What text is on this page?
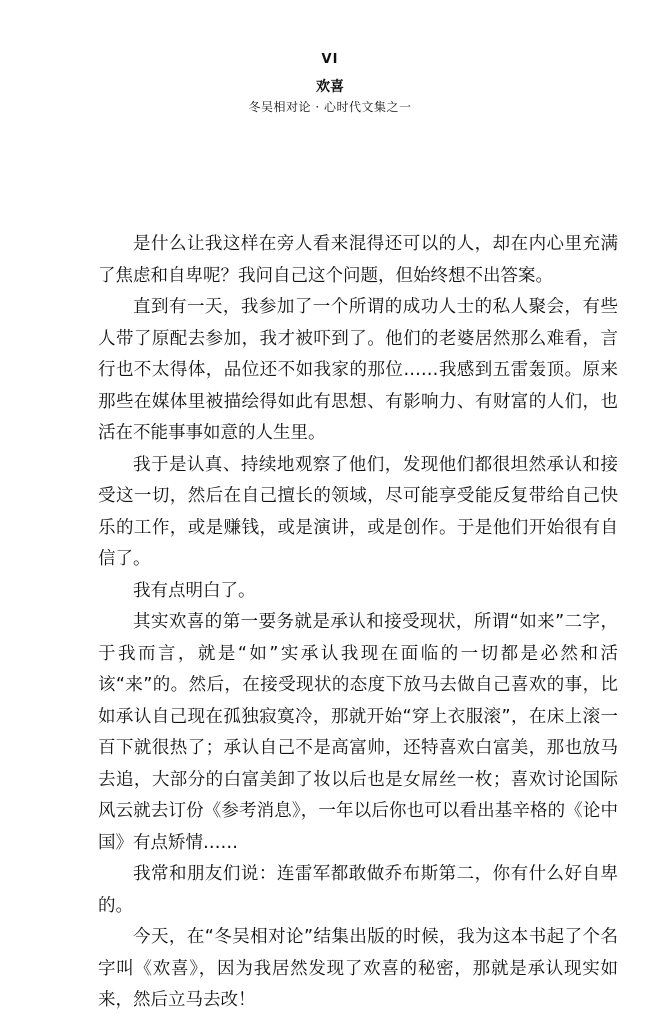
VI
欢喜
冬吴相对论 · 心时代文集之一

是什么让我这样在旁人看来混得还可以的人，却在内心里充满了焦虑和自卑呢？我问自己这个问题，但始终想不出答案。

直到有一天，我参加了一个所谓的成功人士的私人聚会，有些人带了原配去参加，我才被吓到了。他们的老婆居然那么难看，言行也不太得体，品位还不如我家的那位……我感到五雷轰顶。原来那些在媒体里被描绘得如此有思想、有影响力、有财富的人们，也活在不能事事如意的人生里。

我于是认真、持续地观察了他们，发现他们都很坦然承认和接受这一切，然后在自己擅长的领域，尽可能享受能反复带给自己快乐的工作，或是赚钱，或是演讲，或是创作。于是他们开始很有自信了。

我有点明白了。

其实欢喜的第一要务就是承认和接受现状，所谓“如来”二字，于我而言，就是“如”实承认我现在面临的一切都是必然和活该“来”的。然后，在接受现状的态度下放马去做自己喜欢的事，比如承认自己现在孤独寂寞冷，那就开始“穿上衣服滚”，在床上滚一百下就很热了；承认自己不是高富帅，还特喜欢白富美，那也放马去追，大部分的白富美卸了妆以后也是女屌丝一枚；喜欢讨论国际风云就去订份《参考消息》，一年以后你也可以看出基辛格的《论中国》有点矫情……

我常和朋友们说：连雷军都敢做乔布斯第二，你有什么好自卑的。

今天，在“冬吴相对论”结集出版的时候，我为这本书起了个名字叫《欢喜》，因为我居然发现了欢喜的秘密，那就是承认现实如来，然后立马去改！
